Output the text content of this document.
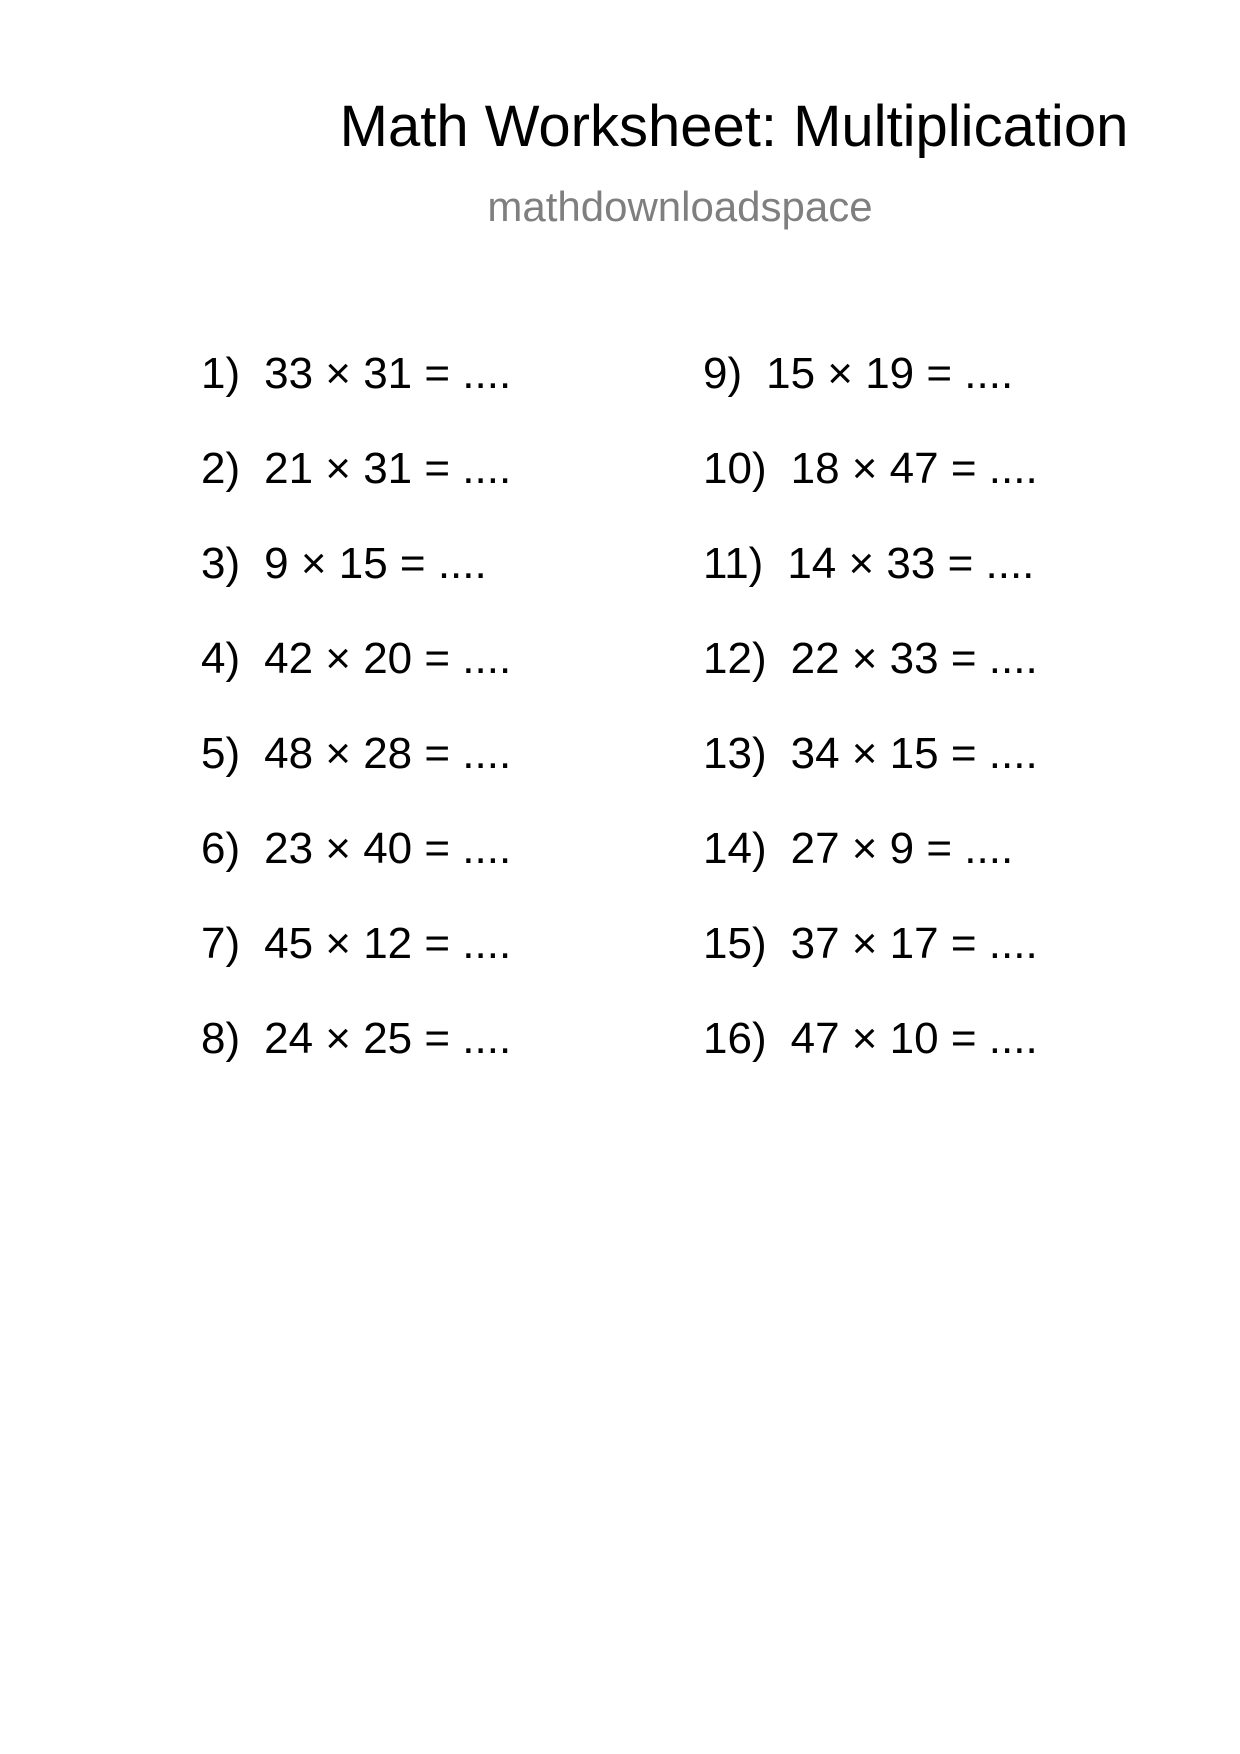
Math Worksheet: Multiplication
mathdownloadspace
1) 33 × 31 = ....
2) 21 × 31 = ....
3) 9 × 15 = ....
4) 42 × 20 = ....
5) 48 × 28 = ....
6) 23 × 40 = ....
7) 45 × 12 = ....
8) 24 × 25 = ....
9) 15 × 19 = ....
10) 18 × 47 = ....
11) 14 × 33 = ....
12) 22 × 33 = ....
13) 34 × 15 = ....
14) 27 × 9 = ....
15) 37 × 17 = ....
16) 47 × 10 = ....
